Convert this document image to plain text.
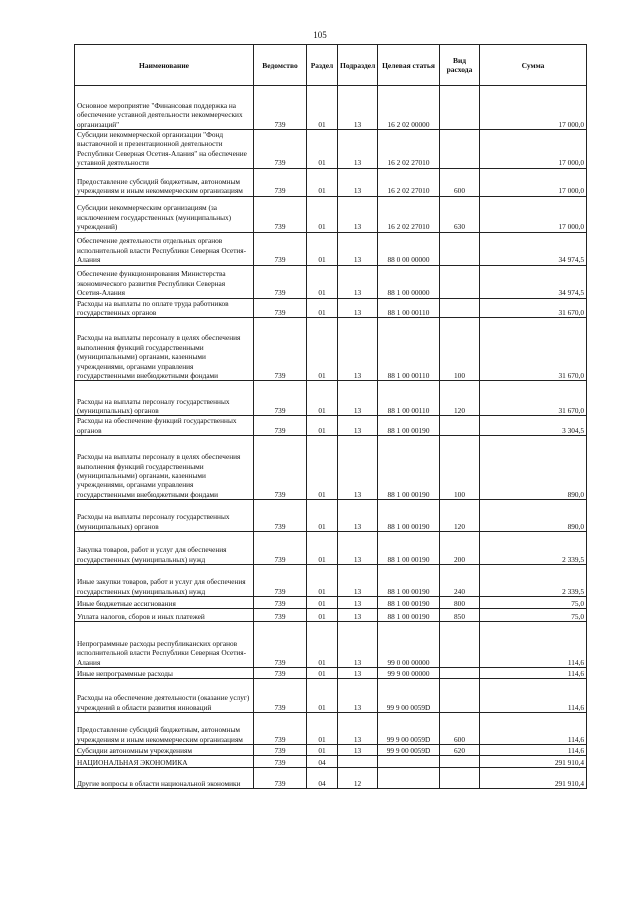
105
Наименование	Ведомство	Раздел	Подраздел	Целевая статья	Вид расхода	Сумма
Основное мероприятие "Финансовая поддержка на обеспечение уставной деятельности некоммерческих организаций"	739	01	13	16 2 02 00000		17 000,0
Субсидии некоммерческой организации "Фонд выставочной и презентационной деятельности Республики Северная Осетия-Алания" на обеспечение уставной деятельности	739	01	13	16 2 02 27010		17 000,0
Предоставление субсидий бюджетным, автономным учреждениям и иным некоммерческим организациям	739	01	13	16 2 02 27010	600	17 000,0
Субсидии некоммерческим организациям (за исключением государственных (муниципальных) учреждений)	739	01	13	16 2 02 27010	630	17 000,0
Обеспечение деятельности отдельных органов исполнительной власти Республики Северная Осетия-Алания	739	01	13	88 0 00 00000		34 974,5
Обеспечение функционирования Министерства экономического развития Республики Северная Осетия-Алания	739	01	13	88 1 00 00000		34 974,5
Расходы на выплаты по оплате труда работников государственных органов	739	01	13	88 1 00 00110		31 670,0
Расходы на выплаты персоналу в целях обеспечения выполнения функций государственными (муниципальными) органами, казенными учреждениями, органами управления государственными внебюджетными фондами	739	01	13	88 1 00 00110	100	31 670,0
Расходы на выплаты персоналу государственных (муниципальных) органов	739	01	13	88 1 00 00110	120	31 670,0
Расходы на обеспечение функций государственных органов	739	01	13	88 1 00 00190		3 304,5
Расходы на выплаты персоналу в целях обеспечения выполнения функций государственными (муниципальными) органами, казенными учреждениями, органами управления государственными внебюджетными фондами	739	01	13	88 1 00 00190	100	890,0
Расходы на выплаты персоналу государственных (муниципальных) органов	739	01	13	88 1 00 00190	120	890,0
Закупка товаров, работ и услуг для обеспечения государственных (муниципальных) нужд	739	01	13	88 1 00 00190	200	2 339,5
Иные закупки товаров, работ и услуг для обеспечения государственных (муниципальных) нужд	739	01	13	88 1 00 00190	240	2 339,5
Иные бюджетные ассигнования	739	01	13	88 1 00 00190	800	75,0
Уплата налогов, сборов и иных платежей	739	01	13	88 1 00 00190	850	75,0
Непрограммные расходы республиканских органов исполнительной власти Республики Северная Осетия-Алания	739	01	13	99 0 00 00000		114,6
Иные непрограммные расходы	739	01	13	99 9 00 00000		114,6
Расходы на обеспечение деятельности (оказание услуг) учреждений в области развития инноваций	739	01	13	99 9 00 0059D		114,6
Предоставление субсидий бюджетным, автономным учреждениям и иным некоммерческим организациям	739	01	13	99 9 00 0059D	600	114,6
Субсидии автономным учреждениям	739	01	13	99 9 00 0059D	620	114,6
НАЦИОНАЛЬНАЯ ЭКОНОМИКА	739	04				291 910,4
Другие вопросы в области национальной экономики	739	04	12			291 910,4
